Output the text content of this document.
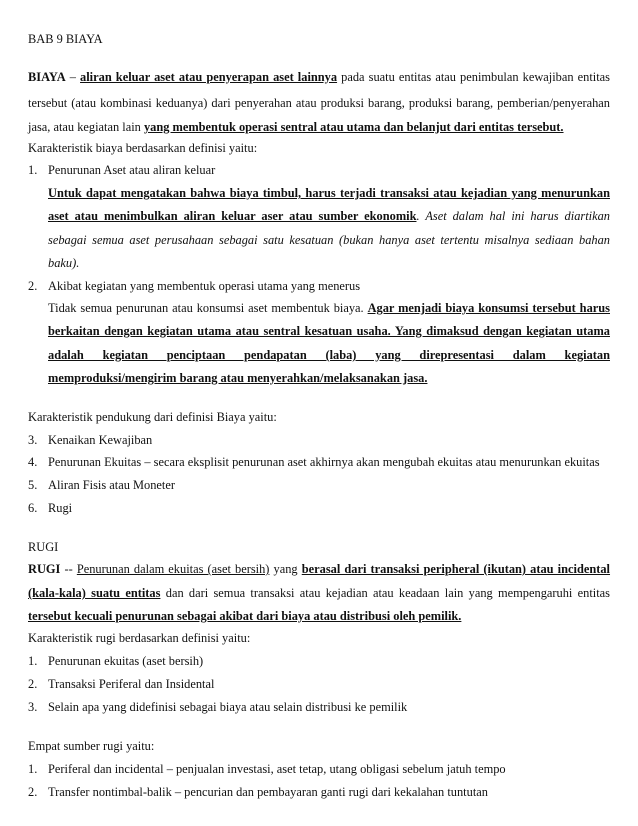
BAB 9 BIAYA
BIAYA – aliran keluar aset atau penyerapan aset lainnya pada suatu entitas atau penimbulan kewajiban entitas
tersebut (atau kombinasi keduanya) dari penyerahan atau produksi barang, produksi barang, pemberian/penyerahan
jasa, atau kegiatan lain yang membentuk operasi sentral atau utama dan belanjut dari entitas tersebut.
Karakteristik biaya berdasarkan definisi yaitu:
1. Penurunan Aset atau aliran keluar
Untuk dapat mengatakan bahwa biaya timbul, harus terjadi transaksi atau kejadian yang menurunkan
aset atau menimbulkan aliran keluar aser atau sumber ekonomik. Aset dalam hal ini harus diartikan
sebagai semua aset perusahaan sebagai satu kesatuan (bukan hanya aset tertentu misalnya sediaan bahan
baku).
2. Akibat kegiatan yang membentuk operasi utama yang menerus
Tidak semua penurunan atau konsumsi aset membentuk biaya. Agar menjadi biaya konsumsi tersebut harus
berkaitan dengan kegiatan utama atau sentral kesatuan usaha. Yang dimaksud dengan kegiatan utama
adalah kegiatan penciptaan pendapatan (laba) yang direpresentasi dalam kegiatan
memproduksi/mengirim barang atau menyerahkan/melaksanakan jasa.
Karakteristik pendukung dari definisi Biaya yaitu:
3. Kenaikan Kewajiban
4. Penurunan Ekuitas – secara eksplisit penurunan aset akhirnya akan mengubah ekuitas atau menurunkan ekuitas
5. Aliran Fisis atau Moneter
6. Rugi
RUGI
RUGI -- Penurunan dalam ekuitas (aset bersih) yang berasal dari transaksi peripheral (ikutan) atau incidental
(kala-kala) suatu entitas dan dari semua transaksi atau kejadian atau keadaan lain yang mempengaruhi entitas
tersebut kecuali penurunan sebagai akibat dari biaya atau distribusi oleh pemilik.
Karakteristik rugi berdasarkan definisi yaitu:
1. Penurunan ekuitas (aset bersih)
2. Transaksi Periferal dan Insidental
3. Selain apa yang didefinisi sebagai biaya atau selain distribusi ke pemilik
Empat sumber rugi yaitu:
1. Periferal dan incidental – penjualan investasi, aset tetap, utang obligasi sebelum jatuh tempo
2. Transfer nontimbal-balik – pencurian dan pembayaran ganti rugi dari kekalahan tuntutan
